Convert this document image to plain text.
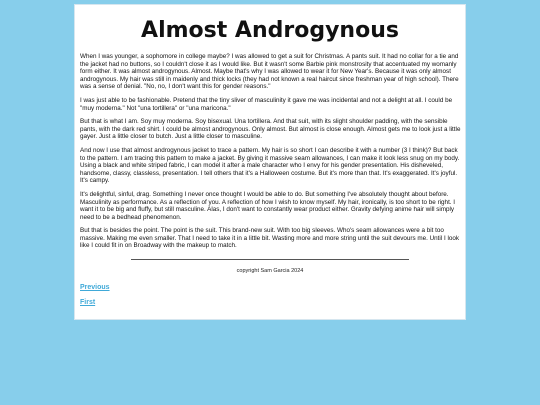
Almost Androgynous

When I was younger, a sophomore in college maybe? I was allowed to get a suit for Christmas. A pants suit. It had no collar for a tie and the jacket had no buttons, so I couldn't close it as I would like. But it wasn't some Barbie pink monstrosity that accentuated my womanly form either. It was almost androgynous. Almost. Maybe that's why I was allowed to wear it for New Year's. Because it was only almost androgynous. My hair was still in maidenly and thick locks (they had not known a real haircut since freshman year of high school). There was a sense of denial. "No, no, I don't want this for gender reasons."

I was just able to be fashionable. Pretend that the tiny sliver of masculinity it gave me was incidental and not a delight at all. I could be "muy moderna." Not "una tortillera" or "una maricona."

But that is what I am. Soy muy moderna. Soy bisexual. Una tortillera. And that suit, with its slight shoulder padding, with the sensible pants, with the dark red shirt. I could be almost androgynous. Only almost. But almost is close enough. Almost gets me to look just a little gayer. Just a little closer to butch. Just a little closer to masculine.

And now I use that almost androgynous jacket to trace a pattern. My hair is so short I can describe it with a number (3 I think)? But back to the pattern. I am tracing this pattern to make a jacket. By giving it massive seam allowances, I can make it look less snug on my body. Using a black and white striped fabric, I can model it after a male character who I envy for his gender presentation. His disheveled, handsome, classy, classless, presentation. I tell others that it's a Halloween costume. But it's more than that. It's exaggerated. It's joyful. It's campy.

It's delightful, sinful, drag. Something I never once thought I would be able to do. But something I've absolutely thought about before. Masculinity as performance. As a reflection of you. A reflection of how I wish to know myself. My hair, ironically, is too short to be right. I want it to be big and fluffy, but still masculine. Alas, I don't want to constantly wear product either. Gravity defying anime hair will simply need to be a bedhead phenomenon.

But that is besides the point. The point is the suit. This brand-new suit. With too big sleeves. Who's seam allowances were a bit too massive. Making me even smaller. That I need to take it in a little bit. Wasting more and more string until the suit devours me. Until I look like I could fit in on Broadway with the makeup to match.

copyright Sam Garcia 2024
Previous
First
